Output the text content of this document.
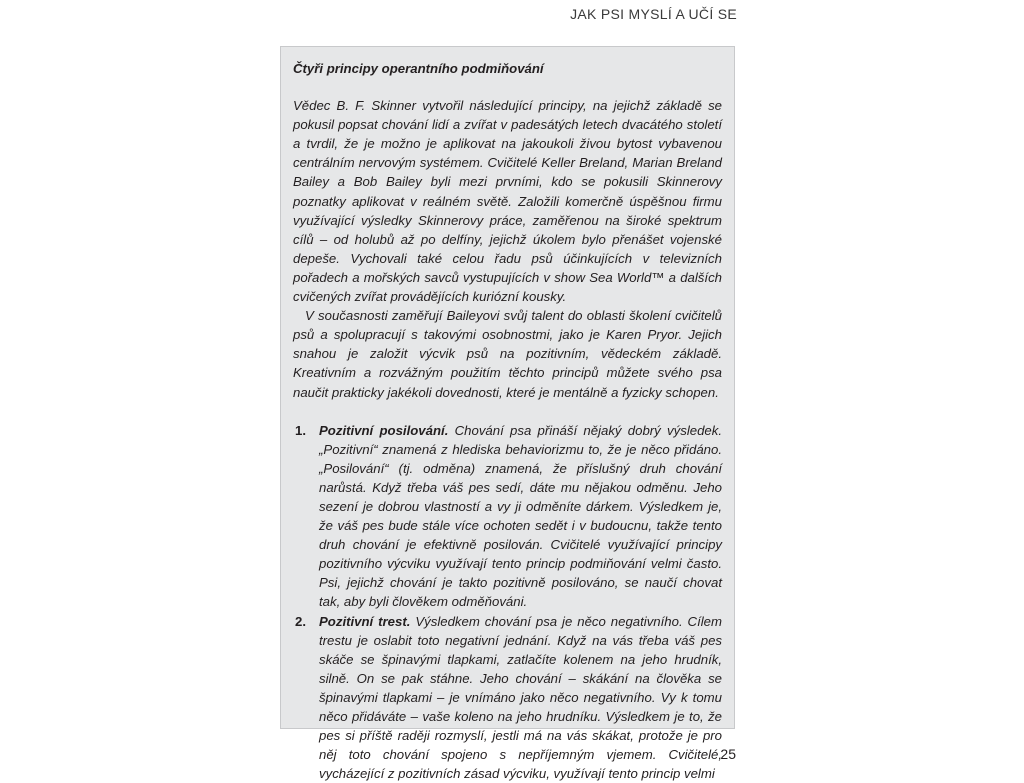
JAK PSI MYSLÍ A UČÍ SE
Čtyři principy operantního podmiňování

Vědec B. F. Skinner vytvořil následující principy, na jejichž základě se pokusil popsat chování lidí a zvířat v padesátých letech dvacátého století a tvrdil, že je možno je aplikovat na jakoukoli živou bytost vybavenou centrálním nervovým systémem. Cvičitelé Keller Breland, Marian Breland Bailey a Bob Bailey byli mezi prvními, kdo se pokusili Skinnerovy poznatky aplikovat v reálném světě. Založili komerčně úspěšnou firmu využívající výsledky Skinnerovy práce, zaměřenou na široké spektrum cílů – od holubů až po delfíny, jejichž úkolem bylo přenášet vojenské depeše. Vychovali také celou řadu psů účinkujících v televizních pořadech a mořských savců vystupujících v show Sea World™ a dalších cvičených zvířat provádějících kuriózní kousky.

V současnosti zaměřují Baileyovi svůj talent do oblasti školení cvičitelů psů a spolupracují s takovými osobnostmi, jako je Karen Pryor. Jejich snahou je založit výcvik psů na pozitivním, vědeckém základě. Kreativním a rozvážným použitím těchto principů můžete svého psa naučit prakticky jakékoli dovednosti, které je mentálně a fyzicky schopen.

1. Pozitivní posilování. Chování psa přináší nějaký dobrý výsledek. „Pozitivní“ znamená z hlediska behaviorizmu to, že je něco přidáno. „Posilování“ (tj. odměna) znamená, že příslušný druh chování narůstá. Když třeba váš pes sedí, dáte mu nějakou odměnu. Jeho sezení je dobrou vlastností a vy ji odměníte dárkem. Výsledkem je, že váš pes bude stále více ochoten sedět i v budoucnu, takže tento druh chování je efektivně posilován. Cvičitelé využívající principy pozitivního výcviku využívají tento princip podmiňování velmi často. Psi, jejichž chování je takto pozitivně posilováno, se naučí chovat tak, aby byli člověkem odměňováni.
2. Pozitivní trest. Výsledkem chování psa je něco negativního. Cílem trestu je oslabit toto negativní jednání. Když na vás třeba váš pes skáče se špinavými tlapkami, zatlačíte kolenem na jeho hrudník, silně. On se pak stáhne. Jeho chování – skákání na člověka se špinavými tlapkami – je vnímáno jako něco negativního. Vy k tomu něco přidáváte – vaše koleno na jeho hrudníku. Výsledkem je to, že pes si příště raději rozmyslí, jestli má na vás skákat, protože je pro něj toto chování spojeno s nepříjemným vjemem. Cvičitelé, vycházející z pozitivních zásad výcviku, využívají tento princip velmi
25
